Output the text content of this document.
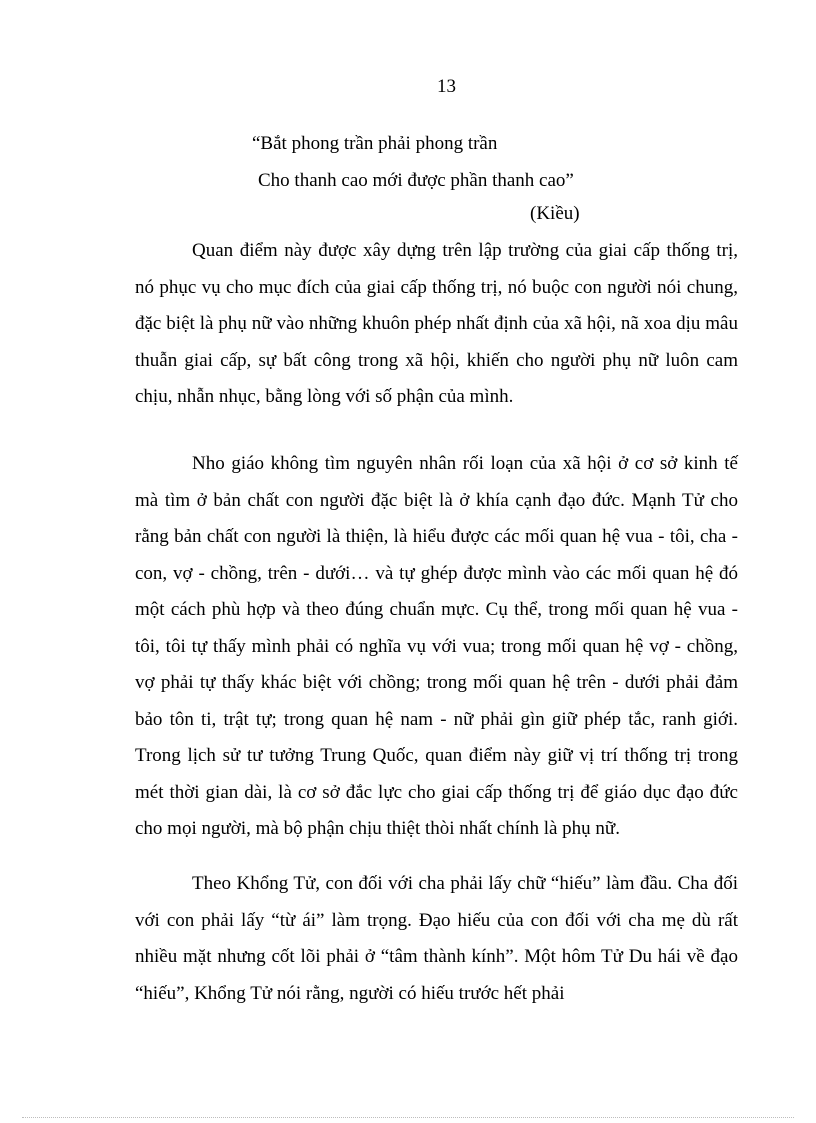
13
“Bắt phong trần phải phong trần
Cho thanh cao mới được phần thanh cao”
(Kiều)

Quan điểm này được xây dựng trên lập trường của giai cấp thống trị, nó phục vụ cho mục đích của giai cấp thống trị, nó buộc con người nói chung, đặc biệt là phụ nữ vào những khuôn phép nhất định của xã hội, nã xoa dịu mâu thuẫn giai cấp, sự bất công trong xã hội, khiến cho người phụ nữ luôn cam chịu, nhẫn nhục, bằng lòng với số phận của mình.

Nho giáo không tìm nguyên nhân rối loạn của xã hội ở cơ sở kinh tế mà tìm ở bản chất con người đặc biệt là ở khía cạnh đạo đức. Mạnh Tử cho rằng bản chất con người là thiện, là hiểu được các mối quan hệ vua - tôi, cha - con, vợ - chồng, trên - dưới… và tự ghép được mình vào các mối quan hệ đó một cách phù hợp và theo đúng chuẩn mực. Cụ thể, trong mối quan hệ vua - tôi, tôi tự thấy mình phải có nghĩa vụ với vua; trong mối quan hệ vợ - chồng, vợ phải tự thấy khác biệt với chồng; trong mối quan hệ trên - dưới phải đảm bảo tôn ti, trật tự; trong quan hệ nam - nữ phải gìn giữ phép tắc, ranh giới. Trong lịch sử tư tưởng Trung Quốc, quan điểm này giữ vị trí thống trị trong mét thời gian dài, là cơ sở đắc lực cho giai cấp thống trị để giáo dục đạo đức cho mọi người, mà bộ phận chịu thiệt thòi nhất chính là phụ nữ.

Theo Khổng Tử, con đối với cha phải lấy chữ “hiếu” làm đầu. Cha đối với con phải lấy “từ ái” làm trọng. Đạo hiếu của con đối với cha mẹ dù rất nhiều mặt nhưng cốt lõi phải ở “tâm thành kính”. Một hôm Tử Du hái về đạo “hiếu”, Khổng Tử nói rằng, người có hiếu trước hết phải
